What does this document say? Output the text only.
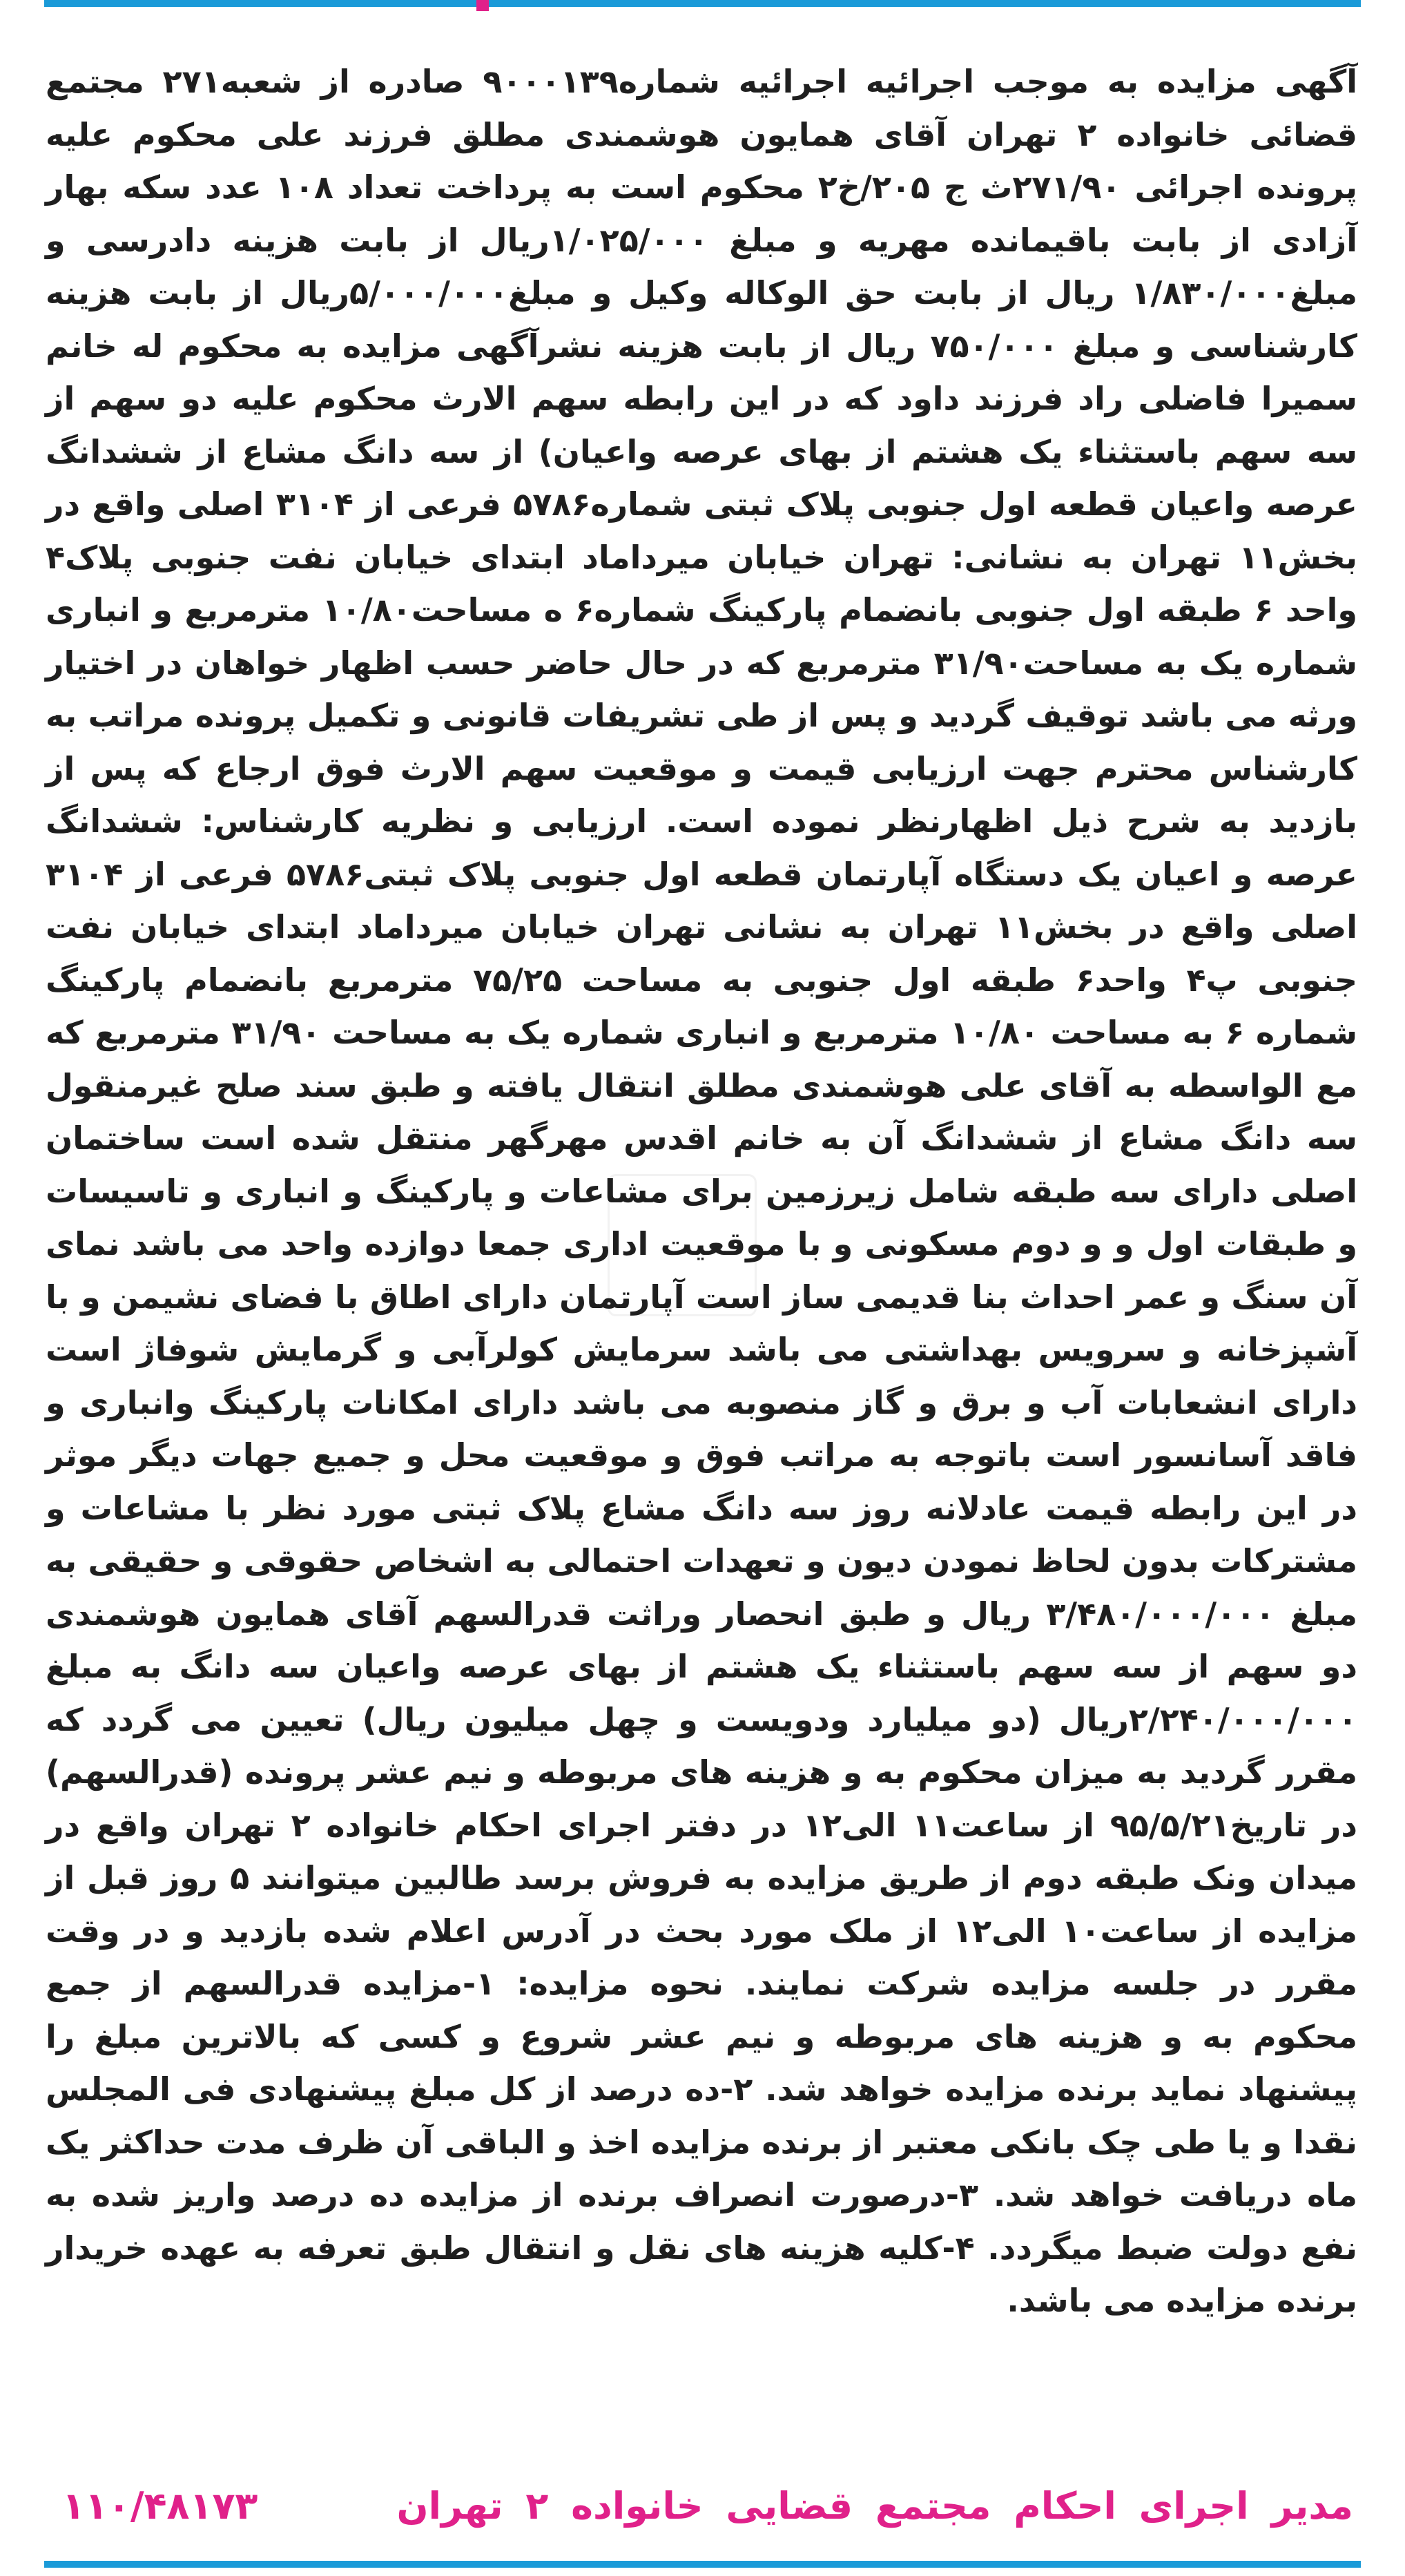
آگهی مزایده به موجب اجرائیه اجرائیه شماره۹۰۰۰۱۳۹ صادره از شعبه۲۷۱ مجتمع قضائی خانواده ۲ تهران آقای همایون هوشمندی مطلق فرزند علی محکوم علیه پرونده اجرائی ۲۷۱/۹۰ث ج ۲۰۵/خ۲ محکوم است به پرداخت تعداد ۱۰۸ عدد سکه بهار آزادی از بابت باقیمانده مهریه و مبلغ ۱/۰۲۵/۰۰۰ریال از بابت هزینه دادرسی و مبلغ۱/۸۳۰/۰۰۰ ریال از بابت حق الوکاله وکیل و مبلغ۵/۰۰۰/۰۰۰ریال از بابت هزینه کارشناسی و مبلغ ۷۵۰/۰۰۰ ریال از بابت هزینه نشرآگهی مزایده به محکوم له خانم سمیرا فاضلی راد فرزند داود که در این رابطه سهم الارث محکوم علیه دو سهم از سه سهم باستثناء یک هشتم از بهای عرصه واعیان) از سه دانگ مشاع از ششدانگ عرصه واعیان قطعه اول جنوبی پلاک ثبتی شماره۵۷۸۶ فرعی از ۳۱۰۴ اصلی واقع در بخش۱۱ تهران به نشانی: تهران خیابان میرداماد ابتدای خیابان نفت جنوبی پلاک۴ واحد ۶ طبقه اول جنوبی بانضمام پارکینگ شماره۶ ه مساحت۱۰/۸۰ مترمربع و انباری شماره یک به مساحت۳۱/۹۰ مترمربع که در حال حاضر حسب اظهار خواهان در اختیار ورثه می باشد توقیف گردید و پس از طی تشریفات قانونی و تکمیل پرونده مراتب به کارشناس محترم جهت ارزیابی قیمت و موقعیت سهم الارث فوق ارجاع که پس از بازدید به شرح ذیل اظهارنظر نموده است. ارزیابی و نظریه کارشناس: ششدانگ عرصه و اعیان یک دستگاه آپارتمان قطعه اول جنوبی پلاک ثبتی۵۷۸۶ فرعی از ۳۱۰۴ اصلی واقع در بخش۱۱ تهران به نشانی تهران خیابان میرداماد ابتدای خیابان نفت جنوبی پ۴ واحد۶ طبقه اول جنوبی به مساحت ۷۵/۲۵ مترمربع بانضمام پارکینگ شماره ۶ به مساحت ۱۰/۸۰ مترمربع و انباری شماره یک به مساحت ۳۱/۹۰ مترمربع که مع الواسطه به آقای علی هوشمندی مطلق انتقال یافته و طبق سند صلح غیرمنقول سه دانگ مشاع از ششدانگ آن به خانم اقدس مهرگهر منتقل شده است ساختمان اصلی دارای سه طبقه شامل زیرزمین برای مشاعات و پارکینگ و انباری و تاسیسات و طبقات اول و و دوم مسکونی و با موقعیت اداری جمعا دوازده واحد می باشد نمای آن سنگ و عمر احداث بنا قدیمی ساز است آپارتمان دارای اطاق با فضای نشیمن و با آشپزخانه و سرویس بهداشتی می باشد سرمایش کولرآبی و گرمایش شوفاژ است دارای انشعابات آب و برق و گاز منصوبه می باشد دارای امکانات پارکینگ وانباری و فاقد آسانسور است باتوجه به مراتب فوق و موقعیت محل و جمیع جهات دیگر موثر در این رابطه قیمت عادلانه روز سه دانگ مشاع پلاک ثبتی مورد نظر با مشاعات و مشترکات بدون لحاظ نمودن دیون و تعهدات احتمالی به اشخاص حقوقی و حقیقی به مبلغ ۳/۴۸۰/۰۰۰/۰۰۰ ریال و طبق انحصار وراثت قدرالسهم آقای همایون هوشمندی دو سهم از سه سهم باستثناء یک هشتم از بهای عرصه واعیان سه دانگ به مبلغ ۲/۲۴۰/۰۰۰/۰۰۰ریال (دو میلیارد ودویست و چهل میلیون ریال) تعیین می گردد که مقرر گردید به میزان محکوم به و هزینه های مربوطه و نیم عشر پرونده (قدرالسهم) در تاریخ۹۵/۵/۲۱ از ساعت۱۱ الی۱۲ در دفتر اجرای احکام خانواده ۲ تهران واقع در میدان ونک طبقه دوم از طریق مزایده به فروش برسد طالبین میتوانند ۵ روز قبل از مزایده از ساعت۱۰ الی۱۲ از ملک مورد بحث در آدرس اعلام شده بازدید و در وقت مقرر در جلسه مزایده شرکت نمایند. نحوه مزایده: ۱-مزایده قدرالسهم از جمع محکوم به و هزینه های مربوطه و نیم عشر شروع و کسی که بالاترین مبلغ را پیشنهاد نماید برنده مزایده خواهد شد. ۲-ده درصد از کل مبلغ پیشنهادی فی المجلس نقدا و یا طی چک بانکی معتبر از برنده مزایده اخذ و الباقی آن ظرف مدت حداکثر یک ماه دریافت خواهد شد. ۳-درصورت انصراف برنده از مزایده ده درصد واریز شده به نفع دولت ضبط میگردد. ۴-کلیه هزینه های نقل و انتقال طبق تعرفه به عهده خریدار برنده مزایده می باشد.
مدیر اجرای احکام مجتمع قضایی خانواده ۲ تهران
۱۱۰/۴۸۱۷۳
